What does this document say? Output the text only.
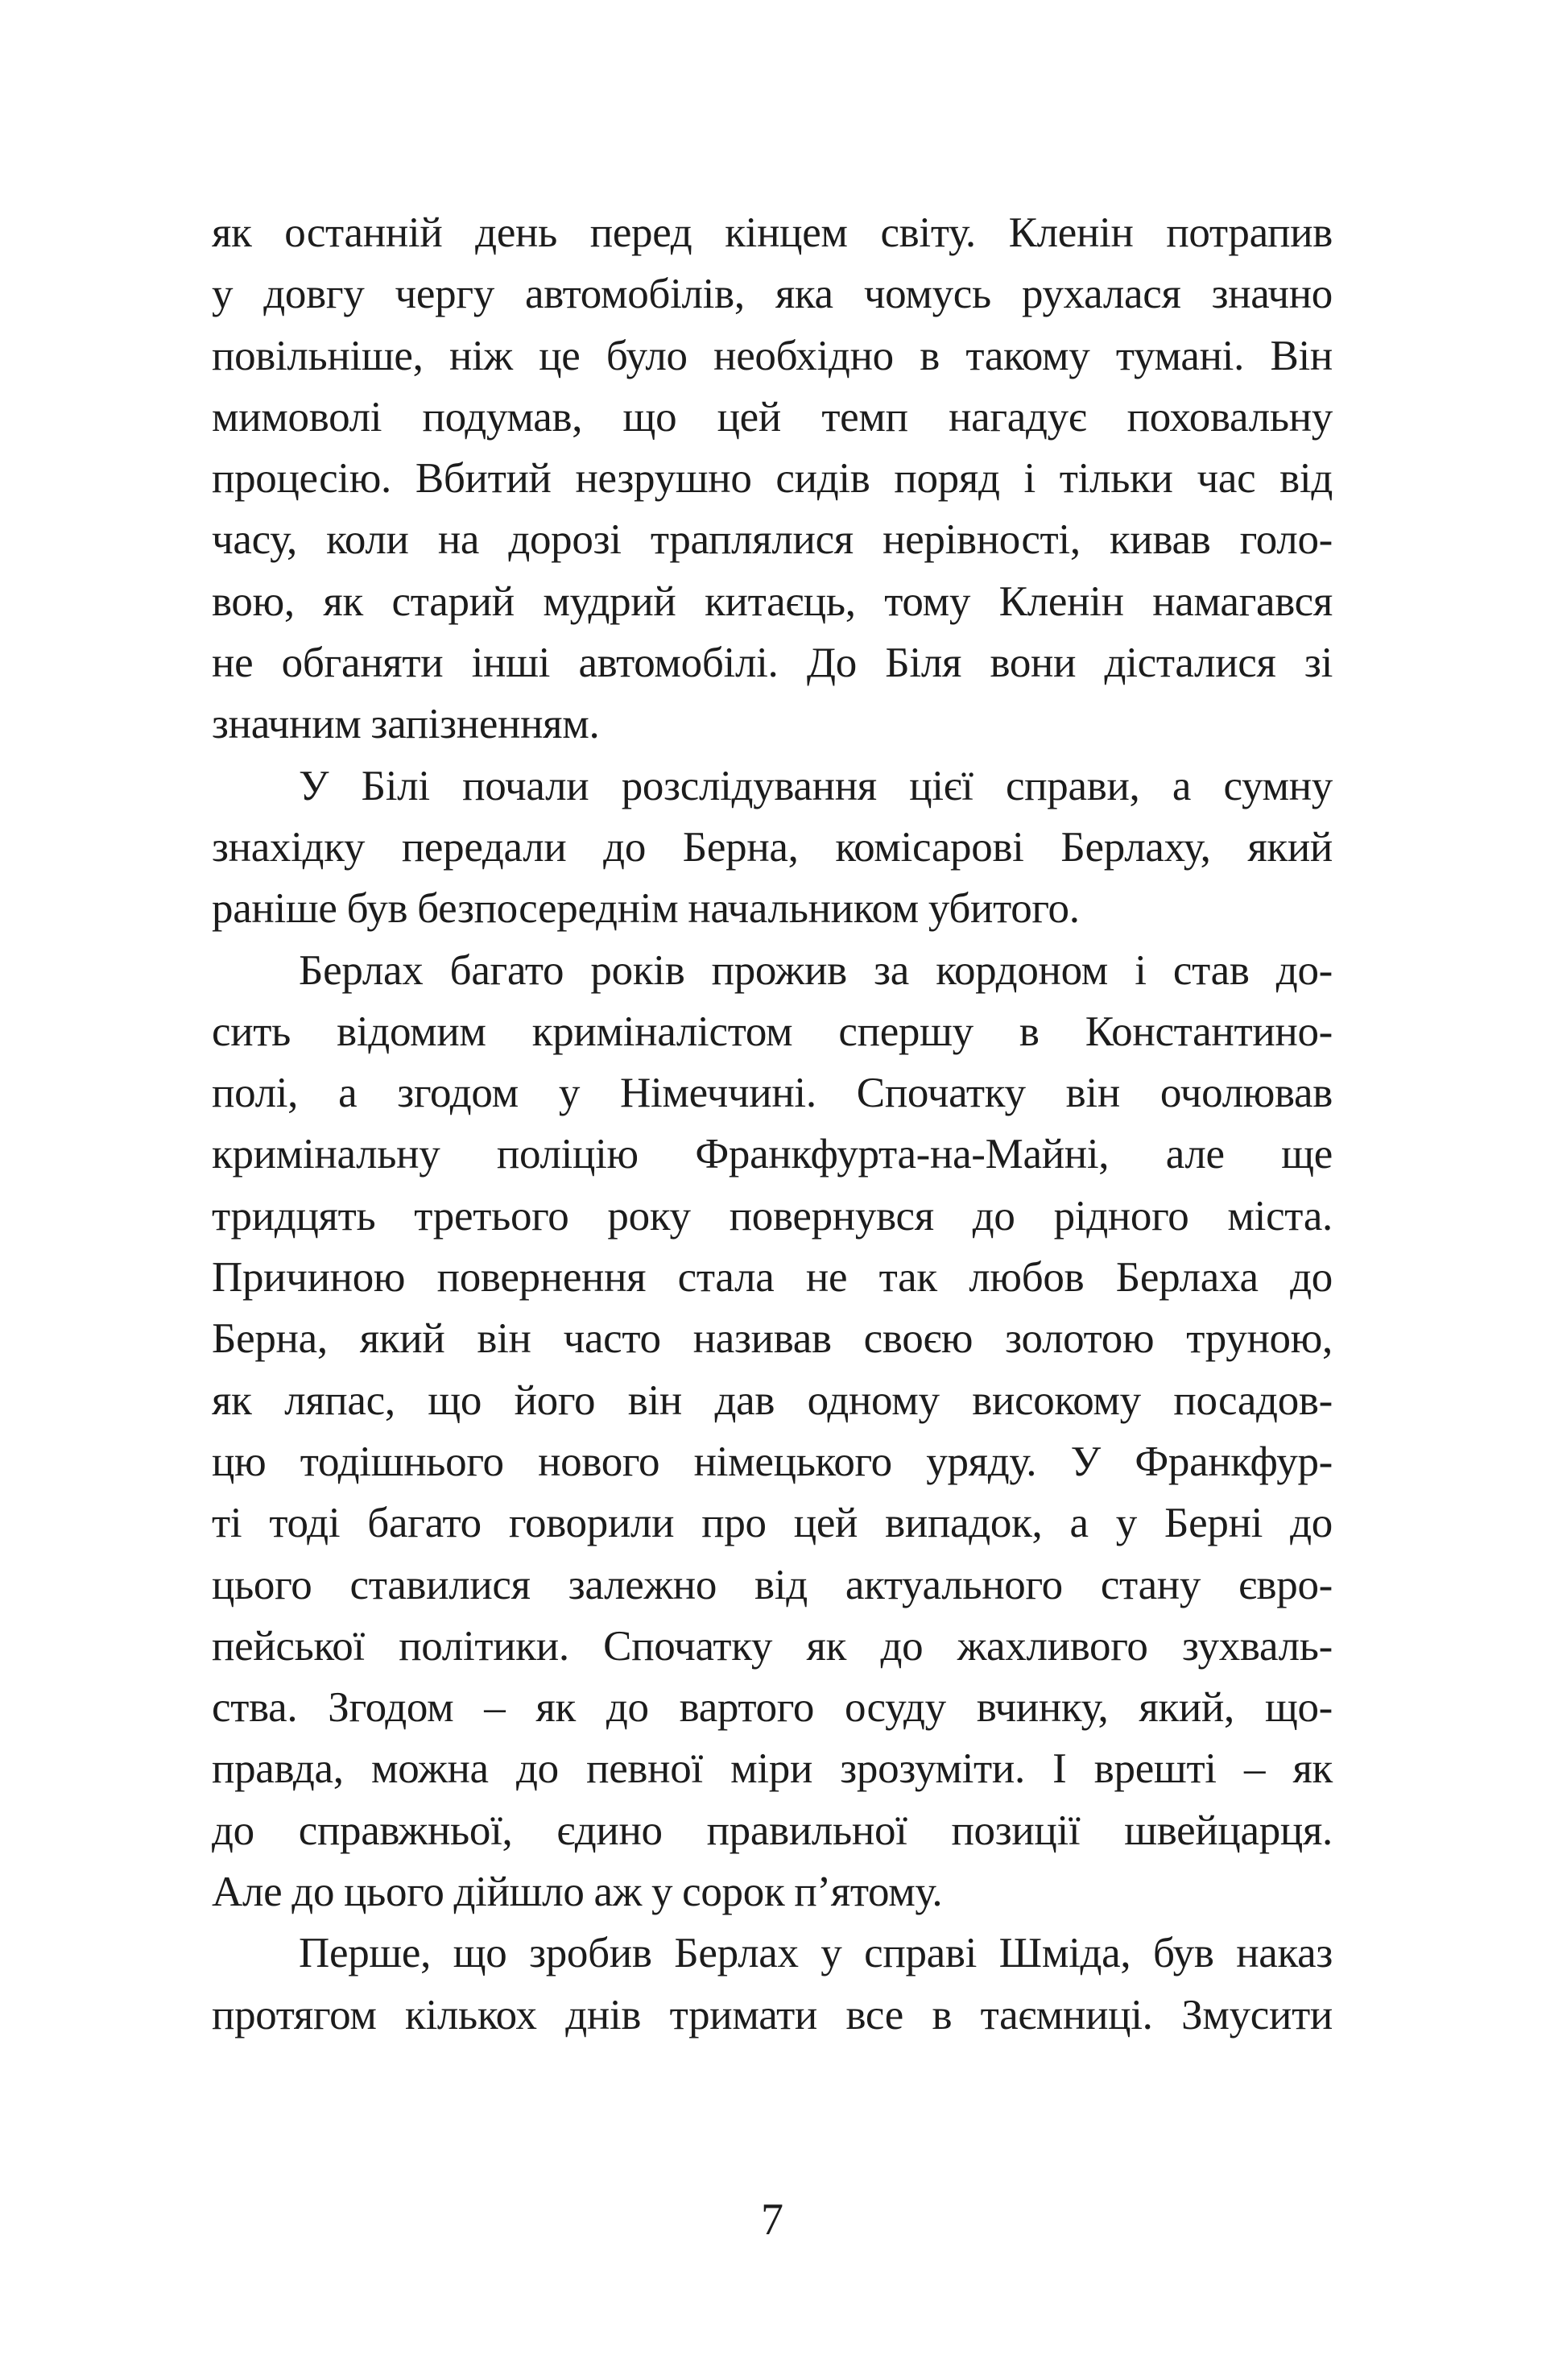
як останній день перед кінцем світу. Кленін потрапив
у довгу чергу автомобілів, яка чомусь рухалася значно
повільніше, ніж це було необхідно в такому тумані. Він
мимоволі подумав, що цей темп нагадує поховальну
процесію. Вбитий незрушно сидів поряд і тільки час від
часу, коли на дорозі траплялися нерівності, кивав голо-
вою, як старий мудрий китаєць, тому Кленін намагався
не обганяти інші автомобілі. До Біля вони дісталися зі
значним запізненням.

У Білі почали розслідування цієї справи, а сумну
знахідку передали до Берна, комісарові Берлаху, який
раніше був безпосереднім начальником убитого.

Берлах багато років прожив за кордоном і став до-
сить відомим криміналістом спершу в Константино-
полі, а згодом у Німеччині. Спочатку він очолював
кримінальну поліцію Франкфурта-на-Майні, але ще
тридцять третього року повернувся до рідного міста.
Причиною повернення стала не так любов Берлаха до
Берна, який він часто називав своєю золотою труною,
як ляпас, що його він дав одному високому посадов-
цю тодішнього нового німецького уряду. У Франкфур-
ті тоді багато говорили про цей випадок, а у Берні до
цього ставилися залежно від актуального стану євро-
пейської політики. Спочатку як до жахливого зухваль-
ства. Згодом – як до вартого осуду вчинку, який, що-
правда, можна до певної міри зрозуміти. І врешті – як
до справжньої, єдино правильної позиції швейцарця.
Але до цього дійшло аж у сорок п’ятому.

Перше, що зробив Берлах у справі Шміда, був наказ
протягом кількох днів тримати все в таємниці. Змусити

7
